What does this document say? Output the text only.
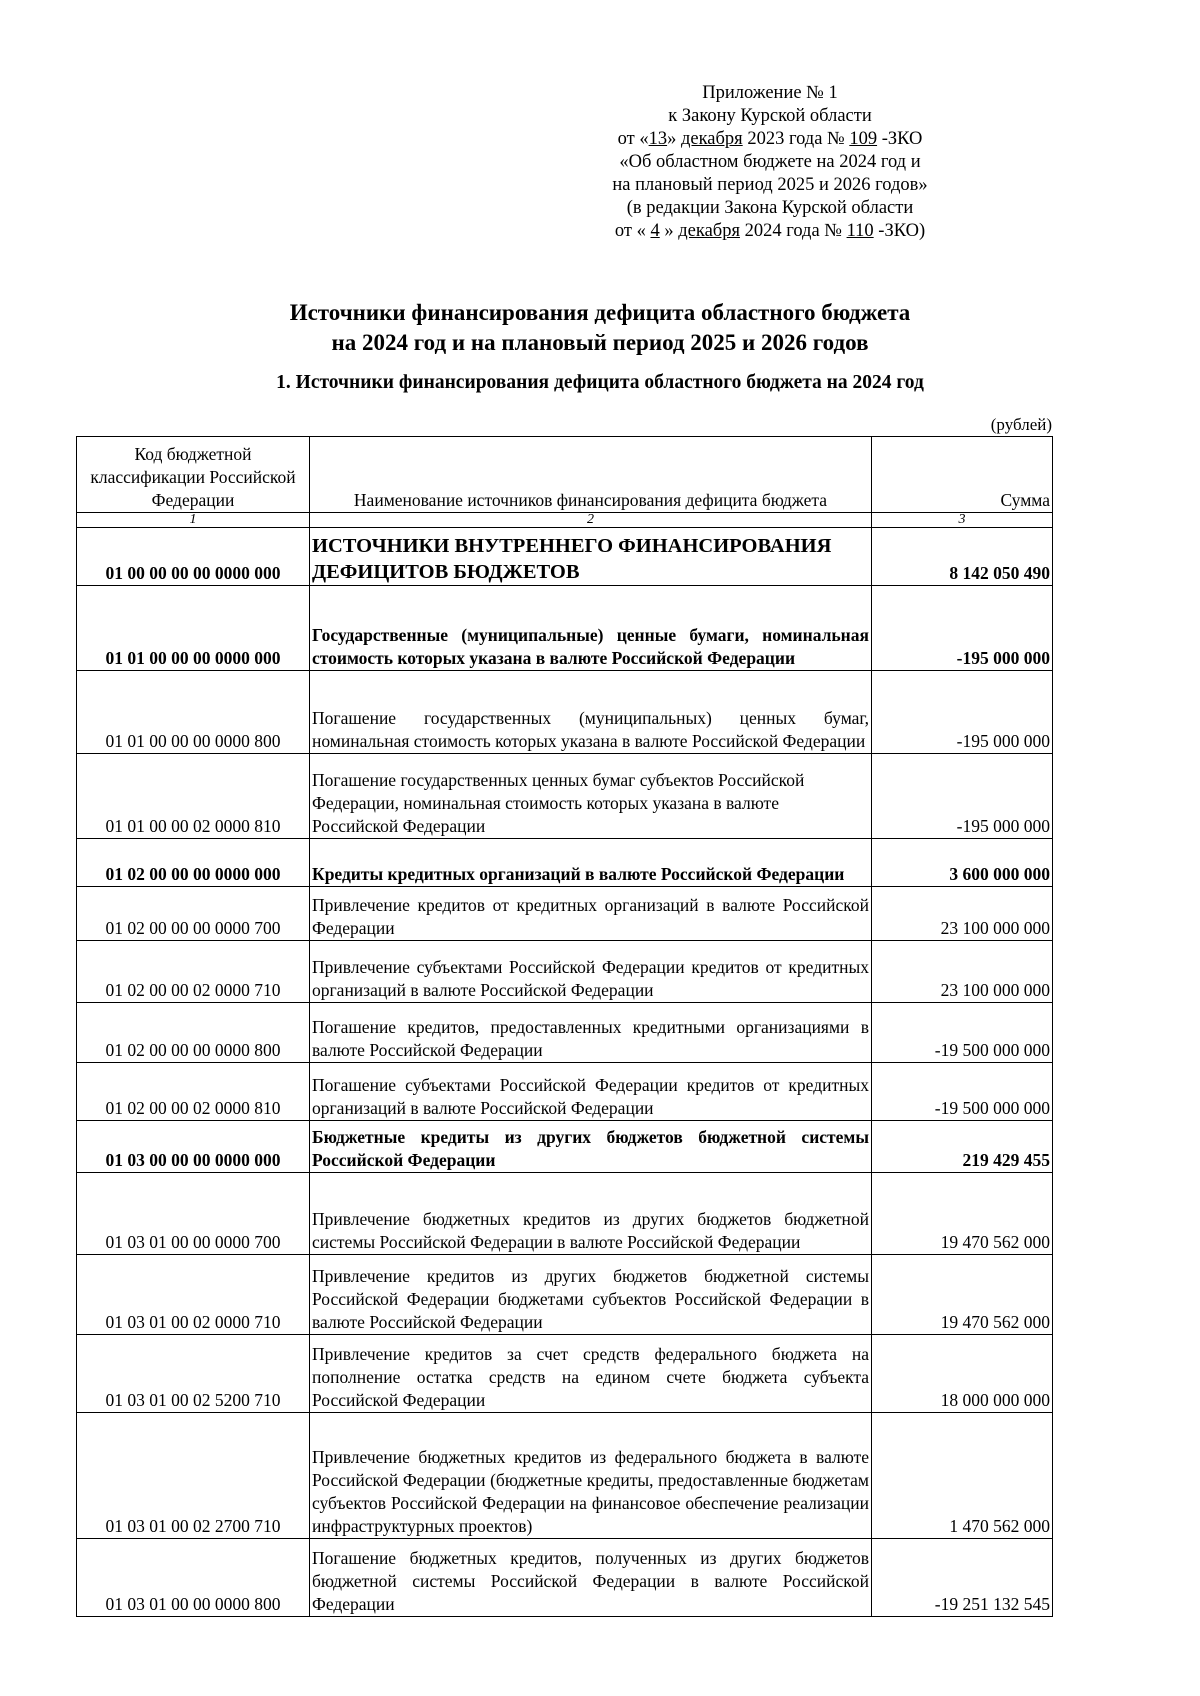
Приложение № 1
к Закону Курской области
от «13» декабря 2023 года № 109 -ЗКО
«Об областном бюджете на 2024 год и
на плановый период 2025 и 2026 годов»
(в редакции Закона Курской области
от « 4 » декабря 2024 года № 110 -ЗКО)
Источники финансирования дефицита областного бюджета
на 2024 год и на плановый период 2025 и 2026 годов
1. Источники финансирования дефицита областного бюджета на 2024 год
(рублей)
Код бюджетной классификации Российской Федерации	Наименование источников финансирования дефицита бюджета	Сумма
1	2	3
01 00 00 00 00 0000 000	ИСТОЧНИКИ ВНУТРЕННЕГО ФИНАНСИРОВАНИЯ ДЕФИЦИТОВ БЮДЖЕТОВ	8 142 050 490
01 01 00 00 00 0000 000	Государственные (муниципальные) ценные бумаги, номинальная стоимость которых указана в валюте Российской Федерации	-195 000 000
01 01 00 00 00 0000 800	Погашение государственных (муниципальных) ценных бумаг, номинальная стоимость которых указана в валюте Российской Федерации	-195 000 000
01 01 00 00 02 0000 810	Погашение государственных ценных бумаг субъектов Российской Федерации, номинальная стоимость которых указана в валюте Российской Федерации	-195 000 000
01 02 00 00 00 0000 000	Кредиты кредитных организаций в валюте Российской Федерации	3 600 000 000
01 02 00 00 00 0000 700	Привлечение кредитов от кредитных организаций в валюте Российской Федерации	23 100 000 000
01 02 00 00 02 0000 710	Привлечение субъектами Российской Федерации кредитов от кредитных организаций в валюте Российской Федерации	23 100 000 000
01 02 00 00 00 0000 800	Погашение кредитов, предоставленных кредитными организациями в валюте Российской Федерации	-19 500 000 000
01 02 00 00 02 0000 810	Погашение субъектами Российской Федерации кредитов от кредитных организаций в валюте Российской Федерации	-19 500 000 000
01 03 00 00 00 0000 000	Бюджетные кредиты из других бюджетов бюджетной системы Российской Федерации	219 429 455
01 03 01 00 00 0000 700	Привлечение бюджетных кредитов из других бюджетов бюджетной системы Российской Федерации в валюте Российской Федерации	19 470 562 000
01 03 01 00 02 0000 710	Привлечение кредитов из других бюджетов бюджетной системы Российской Федерации бюджетами субъектов Российской Федерации в валюте Российской Федерации	19 470 562 000
01 03 01 00 02 5200 710	Привлечение кредитов за счет средств федерального бюджета на пополнение остатка средств на едином счете бюджета субъекта Российской Федерации	18 000 000 000
01 03 01 00 02 2700 710	Привлечение бюджетных кредитов из федерального бюджета в валюте Российской Федерации (бюджетные кредиты, предоставленные бюджетам субъектов Российской Федерации на финансовое обеспечение реализации инфраструктурных проектов)	1 470 562 000
01 03 01 00 00 0000 800	Погашение бюджетных кредитов, полученных из других бюджетов бюджетной системы Российской Федерации в валюте Российской Федерации	-19 251 132 545
